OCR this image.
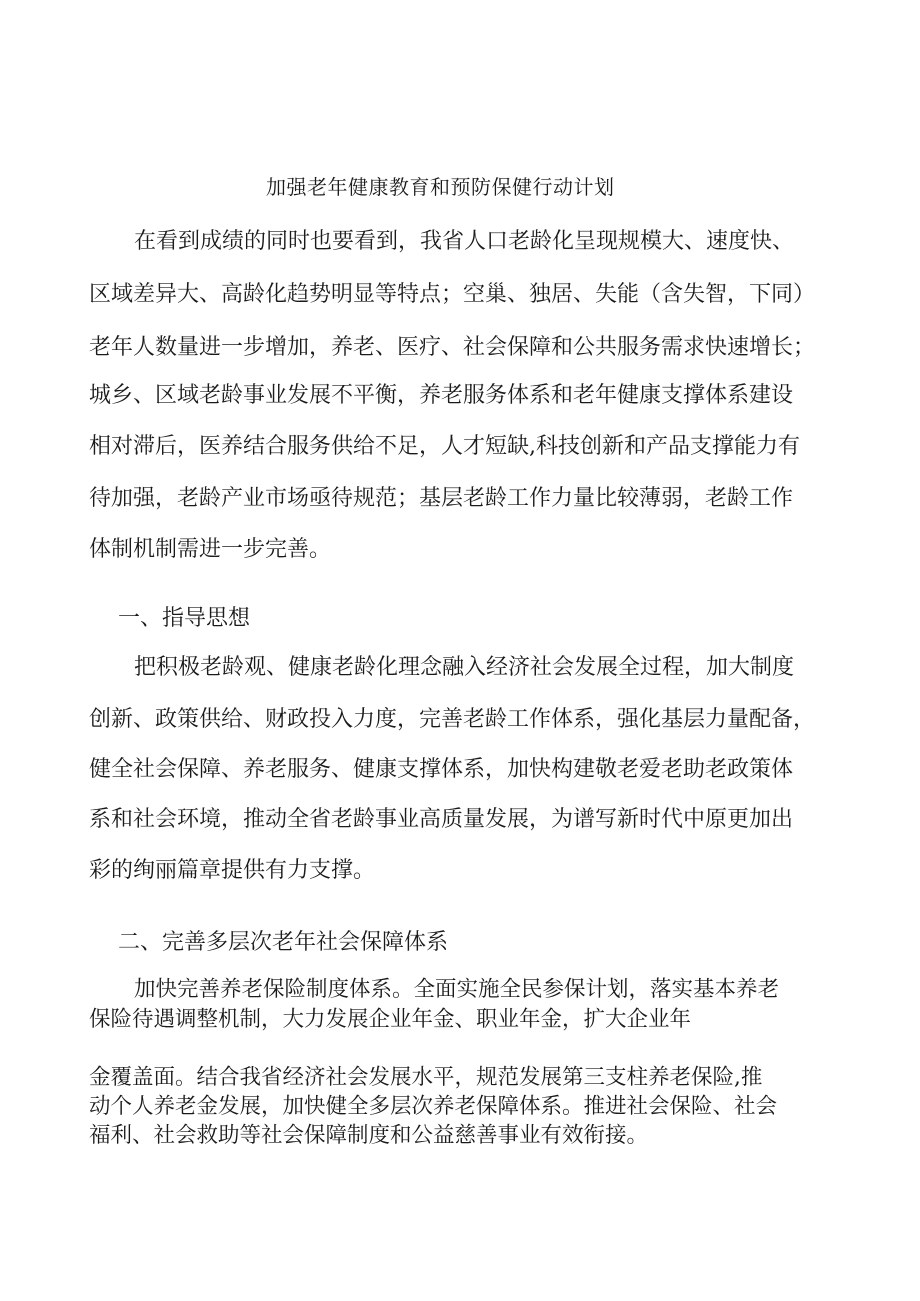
加强老年健康教育和预防保健行动计划
在看到成绩的同时也要看到，我省人口老龄化呈现规模大、速度快、
区域差异大、高龄化趋势明显等特点；空巢、独居、失能（含失智，下同）
老年人数量进一步增加，养老、医疗、社会保障和公共服务需求快速增长；
城乡、区域老龄事业发展不平衡，养老服务体系和老年健康支撑体系建设
相对滞后，医养结合服务供给不足，人才短缺,科技创新和产品支撑能力有
待加强，老龄产业市场亟待规范；基层老龄工作力量比较薄弱，老龄工作
体制机制需进一步完善。
一、指导思想
把积极老龄观、健康老龄化理念融入经济社会发展全过程，加大制度
创新、政策供给、财政投入力度，完善老龄工作体系，强化基层力量配备，
健全社会保障、养老服务、健康支撑体系，加快构建敬老爱老助老政策体
系和社会环境，推动全省老龄事业高质量发展，为谱写新时代中原更加出
彩的绚丽篇章提供有力支撑。
二、完善多层次老年社会保障体系
加快完善养老保险制度体系。全面实施全民参保计划，落实基本养老
保险待遇调整机制，大力发展企业年金、职业年金，扩大企业年
金覆盖面。结合我省经济社会发展水平，规范发展第三支柱养老保险,推
动个人养老金发展，加快健全多层次养老保障体系。推进社会保险、社会
福利、社会救助等社会保障制度和公益慈善事业有效衔接。
